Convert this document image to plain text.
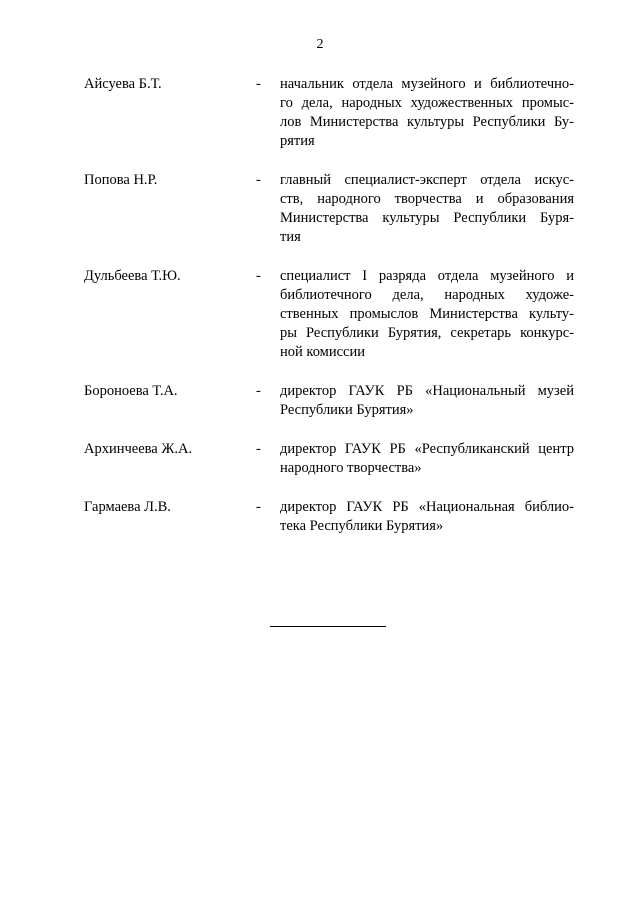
2
Айсуева Б.Т.	-	начальник отдела музейного и библиотечно-
го дела, народных художественных промыс-
лов Министерства культуры Республики Бу-
рятия
Попова Н.Р.	-	главный специалист-эксперт отдела искус-
ств, народного творчества и образования
Министерства культуры Республики Буря-
тия
Дульбеева Т.Ю.	-	специалист I разряда отдела музейного и
библиотечного дела, народных художе-
ственных промыслов Министерства культу-
ры Республики Бурятия, секретарь конкурс-
ной комиссии
Бороноева Т.А.	-	директор ГАУК РБ «Национальный музей
Республики Бурятия»
Архинчеева Ж.А.	-	директор ГАУК РБ «Республиканский центр
народного творчества»
Гармаева Л.В.	-	директор ГАУК РБ «Национальная библио-
тека Республики Бурятия»
